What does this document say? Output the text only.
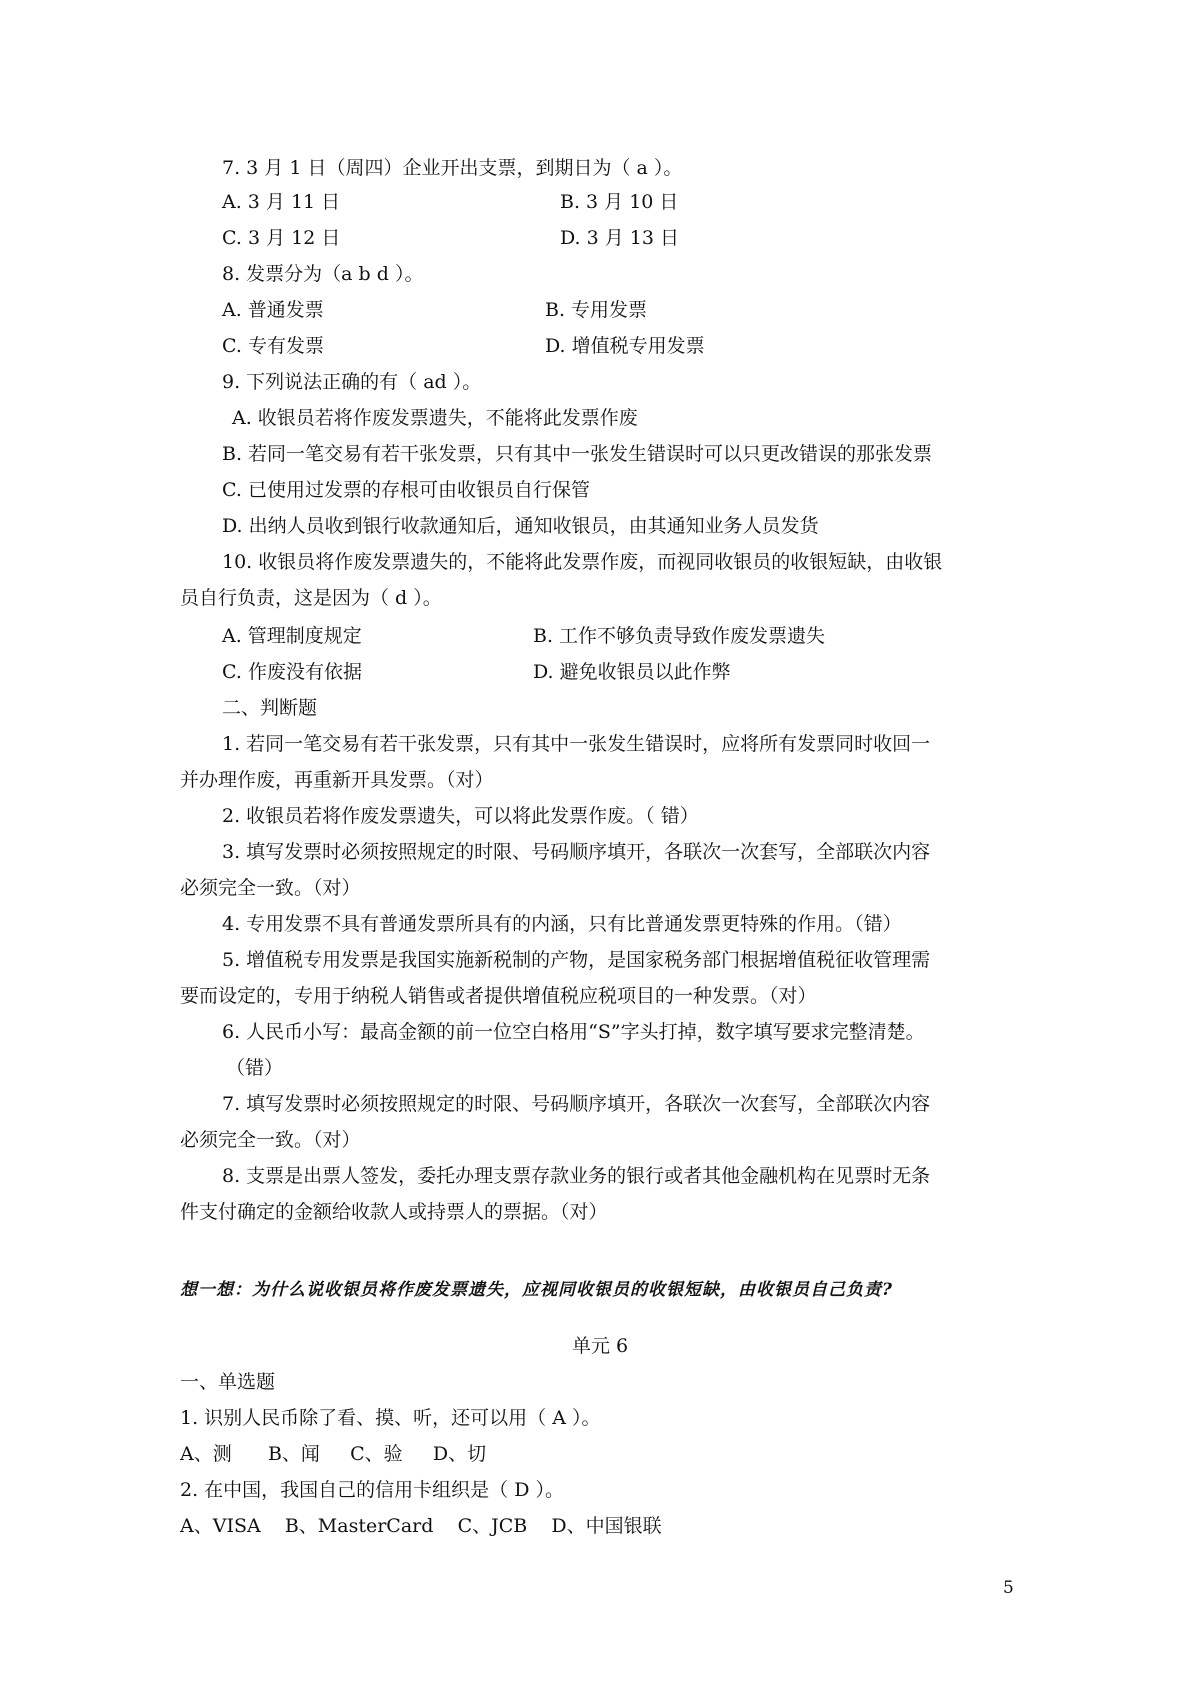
7. 3 月 1 日（周四）企业开出支票，到期日为（ a ）。
A. 3 月 11 日	B. 3 月 10 日
C. 3 月 12 日	D. 3 月 13 日
8. 发票分为（a b d ）。
A. 普通发票	B. 专用发票
C. 专有发票	D. 增值税专用发票
9. 下列说法正确的有（ ad ）。
A. 收银员若将作废发票遗失，不能将此发票作废
B. 若同一笔交易有若干张发票，只有其中一张发生错误时可以只更改错误的那张发票
C. 已使用过发票的存根可由收银员自行保管
D. 出纳人员收到银行收款通知后，通知收银员，由其通知业务人员发货
10. 收银员将作废发票遗失的，不能将此发票作废，而视同收银员的收银短缺，由收银
员自行负责，这是因为（ d ）。
A. 管理制度规定	B. 工作不够负责导致作废发票遗失
C. 作废没有依据	D. 避免收银员以此作弊
二、判断题
1. 若同一笔交易有若干张发票，只有其中一张发生错误时，应将所有发票同时收回一
并办理作废，再重新开具发票。（对）
2. 收银员若将作废发票遗失，可以将此发票作废。（ 错）
3. 填写发票时必须按照规定的时限、号码顺序填开，各联次一次套写，全部联次内容
必须完全一致。（对）
4. 专用发票不具有普通发票所具有的内涵，只有比普通发票更特殊的作用。（错）
5. 增值税专用发票是我国实施新税制的产物，是国家税务部门根据增值税征收管理需
要而设定的，专用于纳税人销售或者提供增值税应税项目的一种发票。（对）
6. 人民币小写：最高金额的前一位空白格用“S”字头打掉，数字填写要求完整清楚。
（错）
7. 填写发票时必须按照规定的时限、号码顺序填开，各联次一次套写，全部联次内容
必须完全一致。（对）
8. 支票是出票人签发，委托办理支票存款业务的银行或者其他金融机构在见票时无条
件支付确定的金额给收款人或持票人的票据。（对）
想一想：为什么说收银员将作废发票遗失，应视同收银员的收银短缺，由收银员自己负责?
单元 6
一、单选题
1. 识别人民币除了看、摸、听，还可以用（ A ）。
A、测      B、闻     C、验     D、切
2. 在中国，我国自己的信用卡组织是（ D ）。
A、VISA    B、MasterCard    C、JCB    D、中国银联
5
